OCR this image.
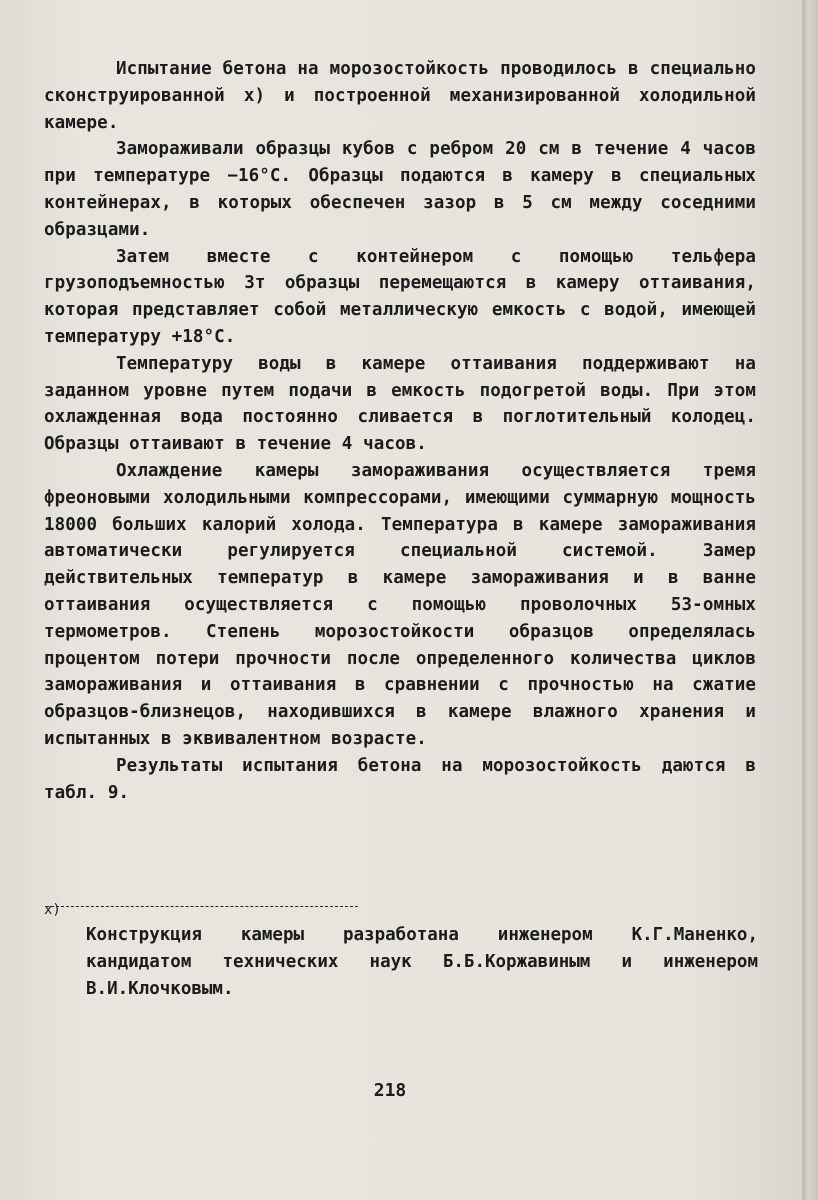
Испытание бетона на морозостойкость проводилось в специально сконструированной x) и построенной механизированной холодильной камере.

Замораживали образцы кубов с ребром 20 см в течение 4 часов при температуре −16°С. Образцы подаются в камеру в специальных контейнерах, в которых обеспечен зазор в 5 см между соседними образцами.

Затем вместе с контейнером с помощью тельфера грузоподъемностью 3т образцы перемещаются в камеру оттаивания, которая представляет собой металлическую емкость с водой, имеющей температуру +18°С.

Температуру воды в камере оттаивания поддерживают на заданном уровне путем подачи в емкость подогретой воды. При этом охлажденная вода постоянно сливается в поглотительный колодец. Образцы оттаивают в течение 4 часов.

Охлаждение камеры замораживания осуществляется тремя фреоновыми холодильными компрессорами, имеющими суммарную мощность 18000 больших калорий холода. Температура в камере замораживания автоматически регулируется специальной системой. Замер действительных температур в камере замораживания и в ванне оттаивания осуществляется с помощью проволочных 53-омных термометров. Степень морозостойкости образцов определялась процентом потери прочности после определенного количества циклов замораживания и оттаивания в сравнении с прочностью на сжатие образцов-близнецов, находившихся в камере влажного хранения и испытанных в эквивалентном возрасте.

Результаты испытания бетона на морозостойкость даются в табл. 9.

x)
Конструкция камеры разработана инженером К.Г.Маненко, кандидатом технических наук Б.Б.Коржавиным и инженером В.И.Клочковым.
218
